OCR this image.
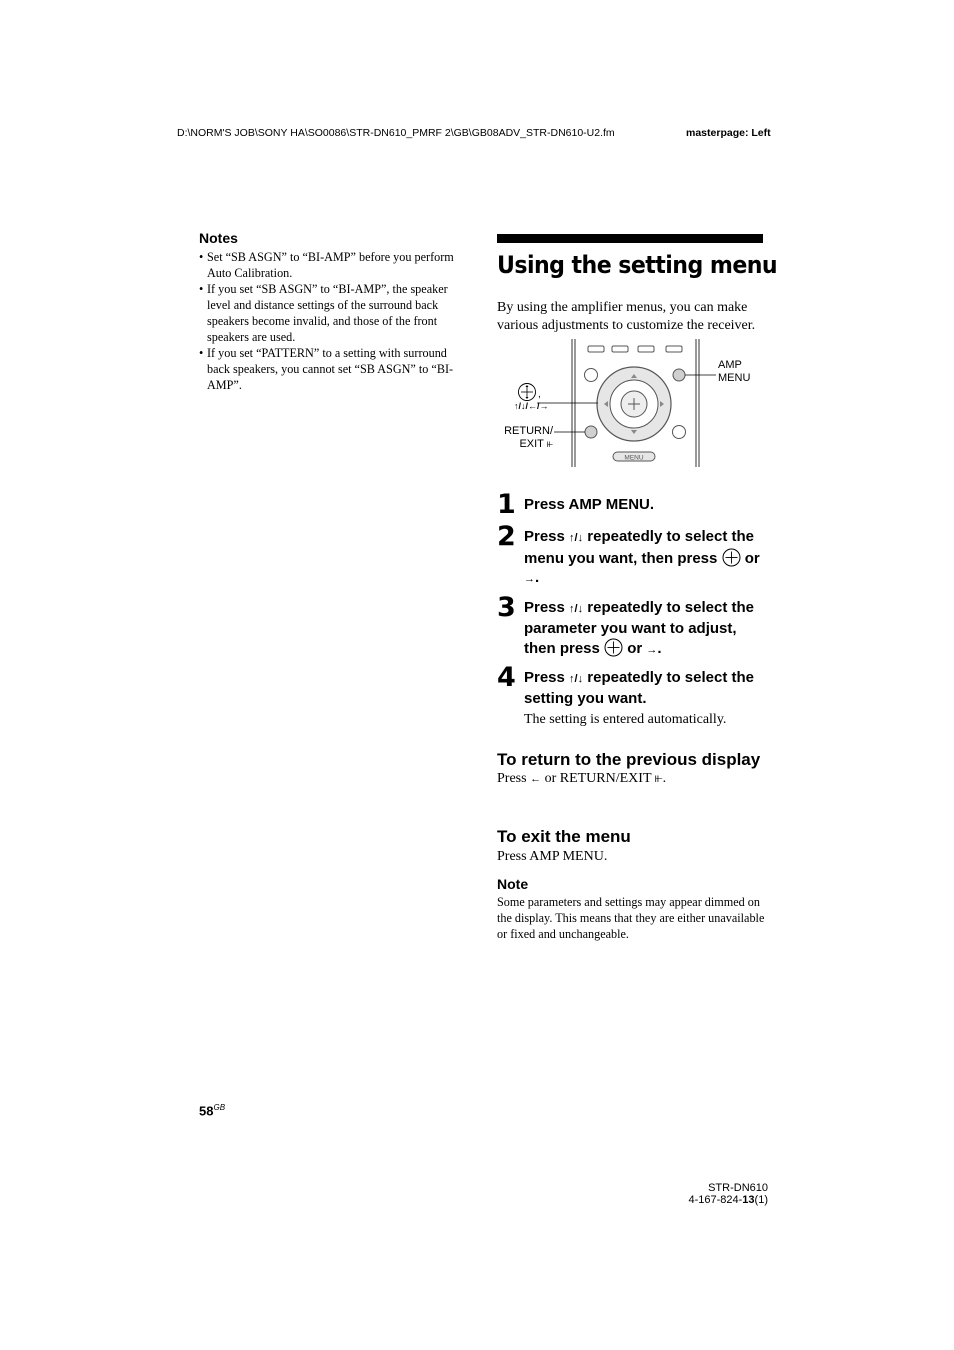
D:\NORM'S JOB\SONY HA\SO0086\STR-DN610_PMRF 2\GB\GB08ADV_STR-DN610-U2.fm	masterpage: Left
Notes
• Set “SB ASGN” to “BI-AMP” before you perform Auto Calibration.
• If you set “SB ASGN” to “BI-AMP”, the speaker level and distance settings of the surround back speakers become invalid, and those of the front speakers are used.
• If you set “PATTERN” to a setting with surround back speakers, you cannot set “SB ASGN” to “BI-AMP”.
Using the setting menu

By using the amplifier menus, you can make various adjustments to customize the receiver.

MENU
AMP
MENU
,
↑/↓/←/→
RETURN/
EXIT ⫦
1 Press AMP MENU.
2 Press ↑/↓ repeatedly to select the menu you want, then press or →.
3 Press ↑/↓ repeatedly to select the parameter you want to adjust, then press or →.
4 Press ↑/↓ repeatedly to select the setting you want.
The setting is entered automatically.
To return to the previous display
Press ← or RETURN/EXIT ⫦.
To exit the menu
Press AMP MENU.
Note
Some parameters and settings may appear dimmed on the display. This means that they are either unavailable or fixed and unchangeable.
$58^{GB}$
STR-DN610
4-167-824-13(1)
